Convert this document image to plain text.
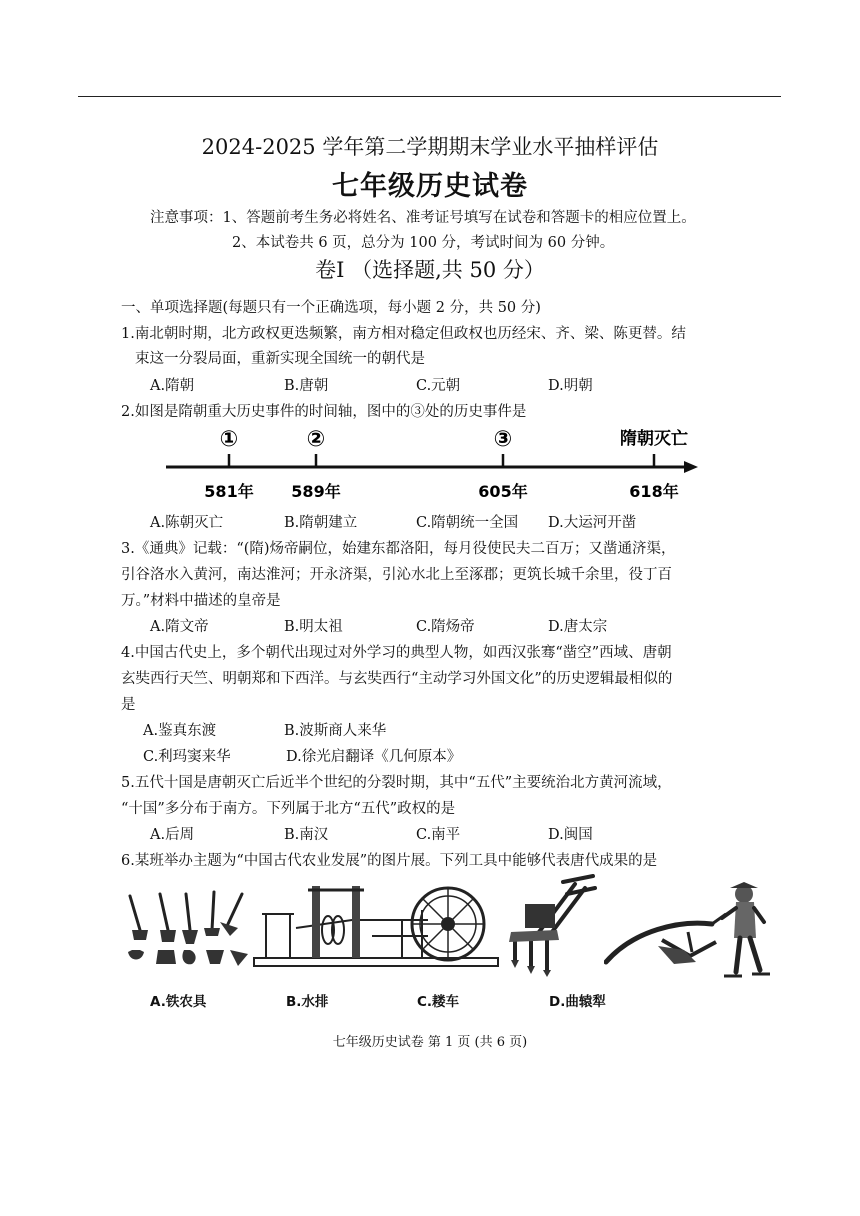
2024-2025 学年第二学期期末学业水平抽样评估
七年级历史试卷
注意事项：1、答题前考生务必将姓名、准考证号填写在试卷和答题卡的相应位置上。
2、本试卷共 6 页，总分为 100 分，考试时间为 60 分钟。
卷Ⅰ （选择题,共 50 分）
一、单项选择题(每题只有一个正确选项，每小题 2 分，共 50 分)
1.南北朝时期，北方政权更迭频繁，南方相对稳定但政权也历经宋、齐、梁、陈更替。结
束这一分裂局面，重新实现全国统一的朝代是
A.隋朝	B.唐朝	C.元朝	D.明朝
2.如图是隋朝重大历史事件的时间轴，图中的③处的历史事件是
①	②	③	隋朝灭亡
581年 589年	605年	618年
A.陈朝灭亡	B.隋朝建立	C.隋朝统一全国 D.大运河开凿
3.《通典》记载：“(隋)炀帝嗣位，始建东都洛阳，每月役使民夫二百万；又凿通济渠，
引谷洛水入黄河，南达淮河；开永济渠，引沁水北上至涿郡；更筑长城千余里，役丁百
万。”材料中描述的皇帝是
A.隋文帝	B.明太祖	C.隋炀帝	D.唐太宗
4.中国古代史上，多个朝代出现过对外学习的典型人物，如西汉张骞“凿空”西域、唐朝
玄奘西行天竺、明朝郑和下西洋。与玄奘西行“主动学习外国文化”的历史逻辑最相似的
是
A.鉴真东渡	B.波斯商人来华
C.利玛窦来华	D.徐光启翻译《几何原本》
5.五代十国是唐朝灭亡后近半个世纪的分裂时期，其中“五代”主要统治北方黄河流域，
“十国”多分布于南方。下列属于北方“五代”政权的是
A.后周	B.南汉	C.南平	D.闽国
6.某班举办主题为“中国古代农业发展”的图片展。下列工具中能够代表唐代成果的是
A.铁农具	B.水排	C.耧车	D.曲辕犁
七年级历史试卷 第 1 页 (共 6 页)
